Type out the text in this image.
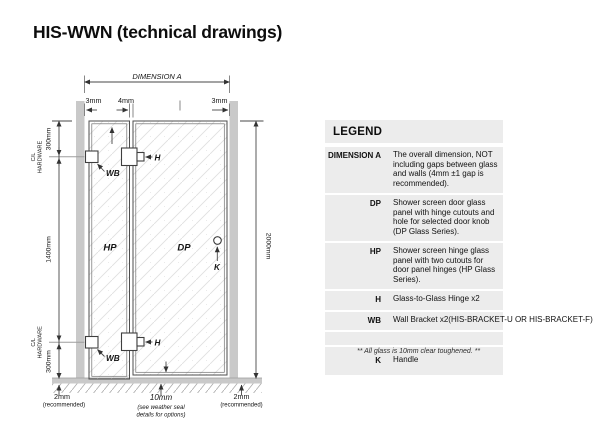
HIS-WWN (technical drawings)
DIMENSION A
3mm 4mm	3mm
300mm
C/L HARDWARE
1400mm
C/L HARDWARE
300mm
2000mm
HP	DP
WB
WB
H
H
K
2mm
(recommended)
10mm
(see weather seal
details for options)
2mm
(recommended)
LEGEND
DIMENSION A The overall dimension, NOT including gaps between glass and walls (4mm ±1 gap is recommended).
DP Shower screen door glass panel with hinge cutouts and hole for selected door knob (DP Glass Series).
HP Shower screen hinge glass panel with two cutouts for door panel hinges (HP Glass Series).
H Glass-to-Glass Hinge x2
WB Wall Bracket x2(HIS-BRACKET-U OR HIS-BRACKET-F)
K Handle
** All glass is 10mm clear toughened. **
